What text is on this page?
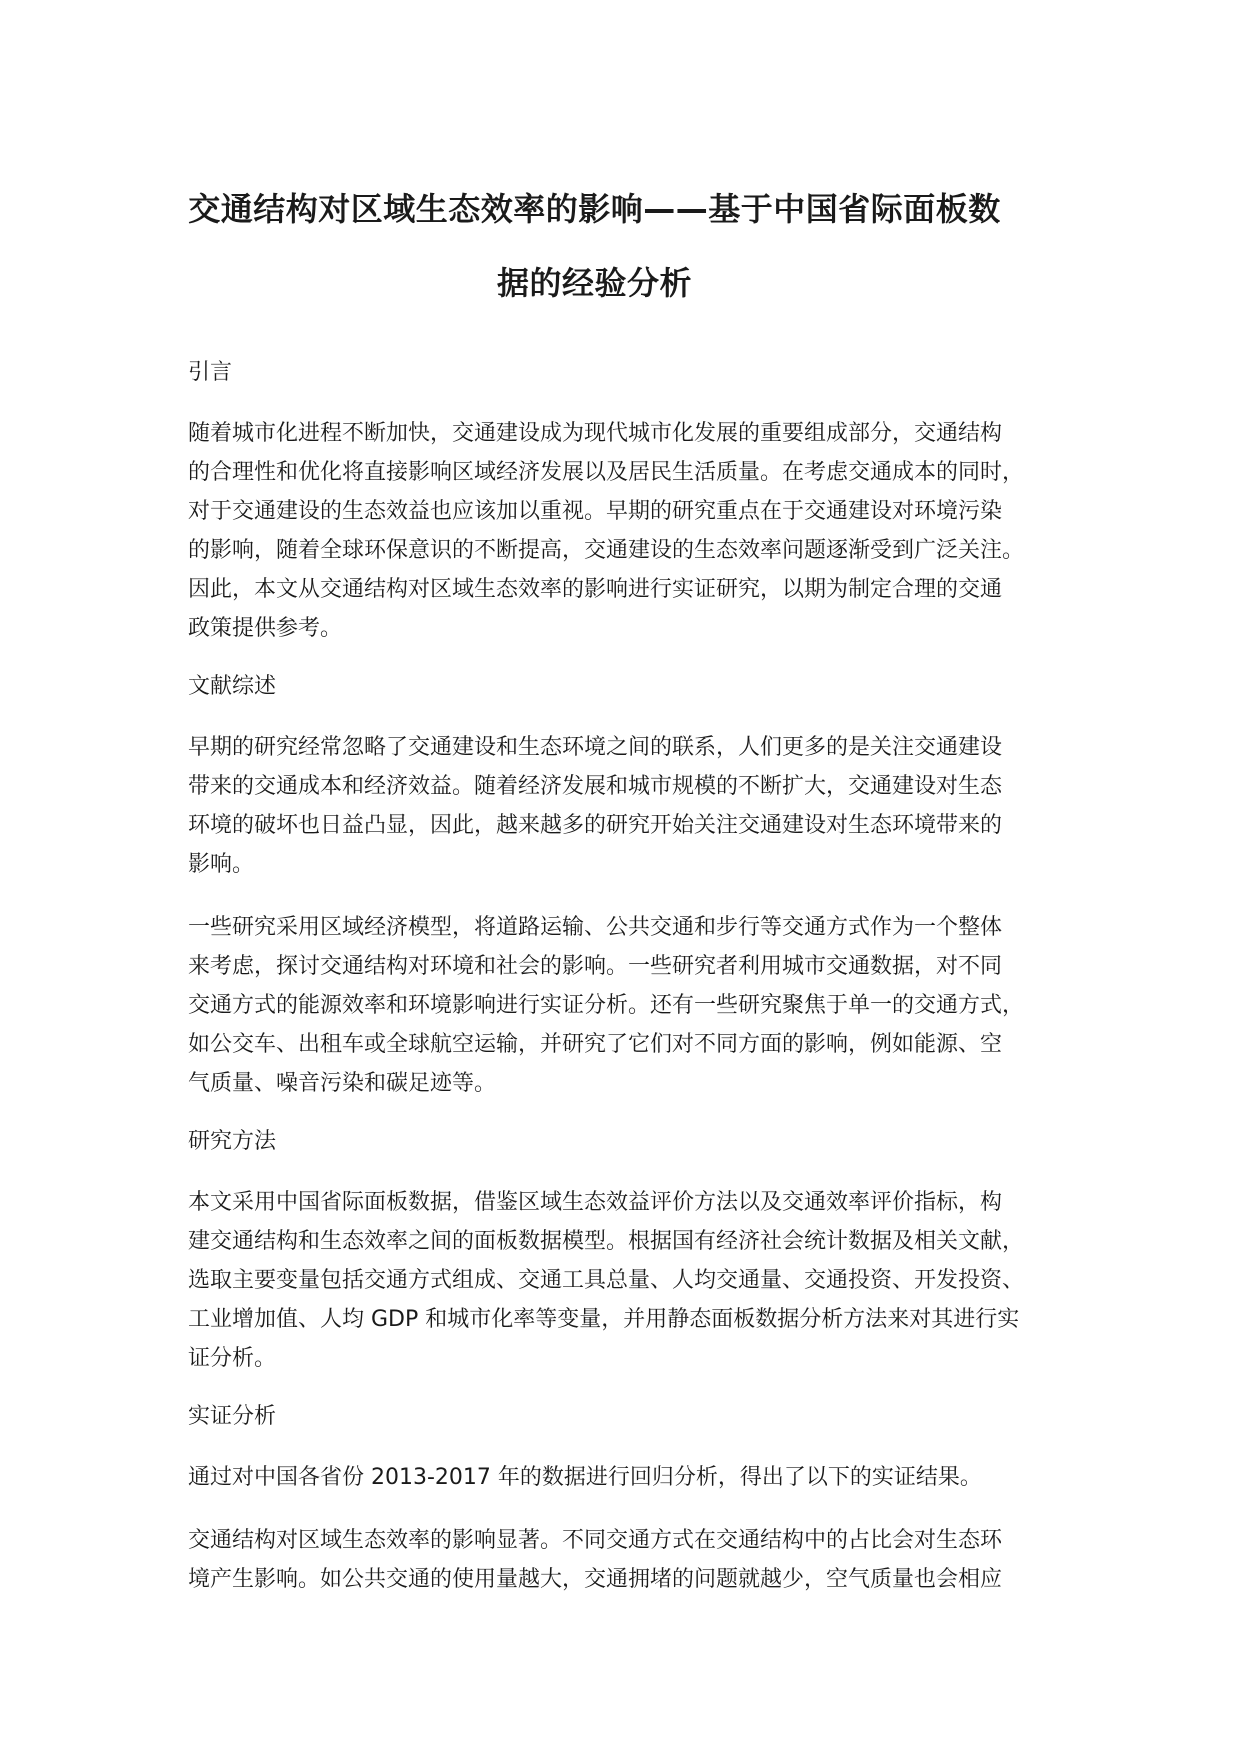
交通结构对区域生态效率的影响——基于中国省际面板数
据的经验分析
引言

随着城市化进程不断加快，交通建设成为现代城市化发展的重要组成部分，交通结构
的合理性和优化将直接影响区域经济发展以及居民生活质量。在考虑交通成本的同时，
对于交通建设的生态效益也应该加以重视。早期的研究重点在于交通建设对环境污染
的影响，随着全球环保意识的不断提高，交通建设的生态效率问题逐渐受到广泛关注。
因此，本文从交通结构对区域生态效率的影响进行实证研究，以期为制定合理的交通
政策提供参考。

文献综述

早期的研究经常忽略了交通建设和生态环境之间的联系，人们更多的是关注交通建设
带来的交通成本和经济效益。随着经济发展和城市规模的不断扩大，交通建设对生态
环境的破坏也日益凸显，因此，越来越多的研究开始关注交通建设对生态环境带来的
影响。

一些研究采用区域经济模型，将道路运输、公共交通和步行等交通方式作为一个整体
来考虑，探讨交通结构对环境和社会的影响。一些研究者利用城市交通数据，对不同
交通方式的能源效率和环境影响进行实证分析。还有一些研究聚焦于单一的交通方式，
如公交车、出租车或全球航空运输，并研究了它们对不同方面的影响，例如能源、空
气质量、噪音污染和碳足迹等。

研究方法

本文采用中国省际面板数据，借鉴区域生态效益评价方法以及交通效率评价指标，构
建交通结构和生态效率之间的面板数据模型。根据国有经济社会统计数据及相关文献，
选取主要变量包括交通方式组成、交通工具总量、人均交通量、交通投资、开发投资、
工业增加值、人均 GDP 和城市化率等变量，并用静态面板数据分析方法来对其进行实
证分析。

实证分析

通过对中国各省份 2013-2017 年的数据进行回归分析，得出了以下的实证结果。

交通结构对区域生态效率的影响显著。不同交通方式在交通结构中的占比会对生态环
境产生影响。如公共交通的使用量越大，交通拥堵的问题就越少，空气质量也会相应
